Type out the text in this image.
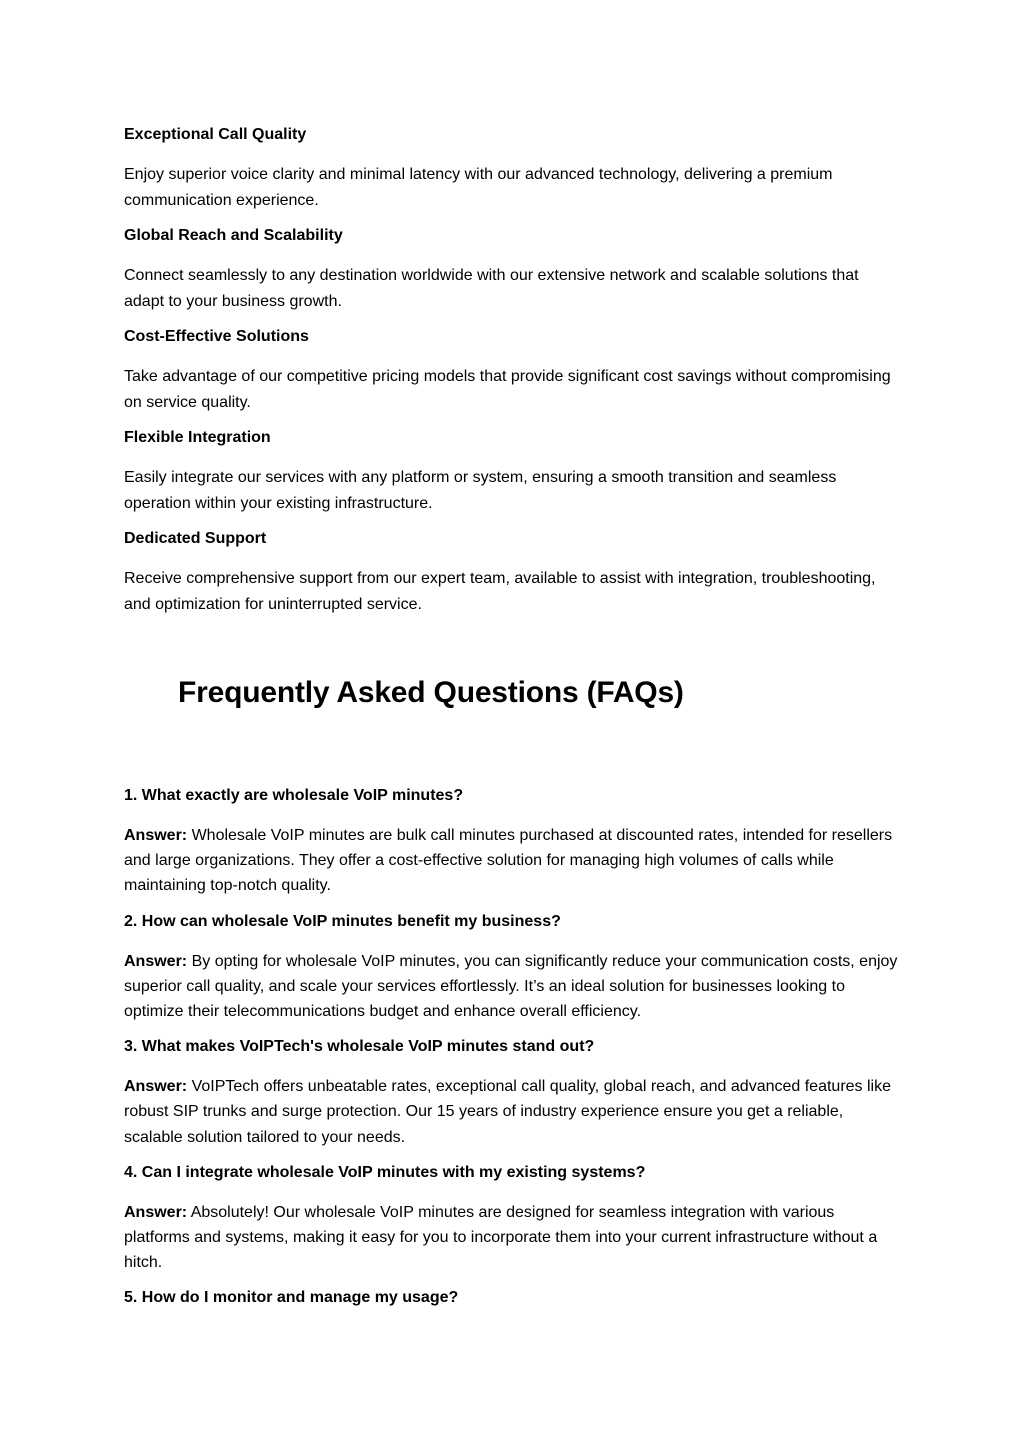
Exceptional Call Quality
Enjoy superior voice clarity and minimal latency with our advanced technology, delivering a premium communication experience.
Global Reach and Scalability
Connect seamlessly to any destination worldwide with our extensive network and scalable solutions that adapt to your business growth.
Cost-Effective Solutions
Take advantage of our competitive pricing models that provide significant cost savings without compromising on service quality.
Flexible Integration
Easily integrate our services with any platform or system, ensuring a smooth transition and seamless operation within your existing infrastructure.
Dedicated Support
Receive comprehensive support from our expert team, available to assist with integration, troubleshooting, and optimization for uninterrupted service.
Frequently Asked Questions (FAQs)
1. What exactly are wholesale VoIP minutes?
Answer: Wholesale VoIP minutes are bulk call minutes purchased at discounted rates, intended for resellers and large organizations. They offer a cost-effective solution for managing high volumes of calls while maintaining top-notch quality.
2. How can wholesale VoIP minutes benefit my business?
Answer: By opting for wholesale VoIP minutes, you can significantly reduce your communication costs, enjoy superior call quality, and scale your services effortlessly. It’s an ideal solution for businesses looking to optimize their telecommunications budget and enhance overall efficiency.
3. What makes VoIPTech's wholesale VoIP minutes stand out?
Answer: VoIPTech offers unbeatable rates, exceptional call quality, global reach, and advanced features like robust SIP trunks and surge protection. Our 15 years of industry experience ensure you get a reliable, scalable solution tailored to your needs.
4. Can I integrate wholesale VoIP minutes with my existing systems?
Answer: Absolutely! Our wholesale VoIP minutes are designed for seamless integration with various platforms and systems, making it easy for you to incorporate them into your current infrastructure without a hitch.
5. How do I monitor and manage my usage?
